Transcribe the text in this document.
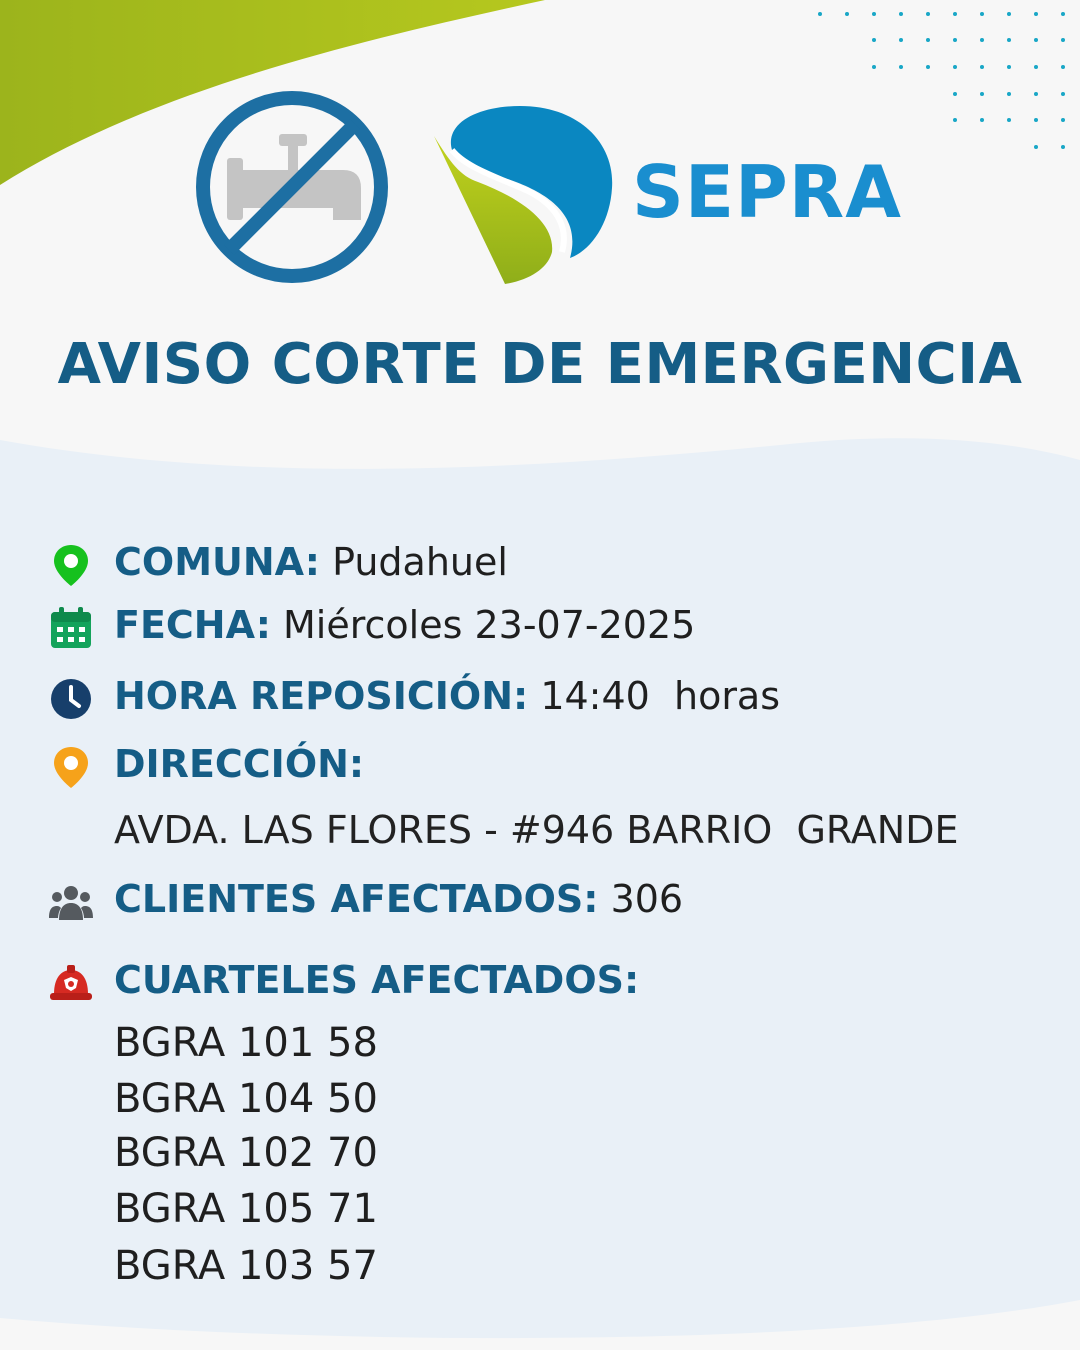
SEPRA
AVISO CORTE DE EMERGENCIA
COMUNA: Pudahuel
FECHA: Miércoles 23-07-2025
HORA REPOSICIÓN: 14:40  horas
DIRECCIÓN:
AVDA. LAS FLORES - #946 BARRIO  GRANDE
CLIENTES AFECTADOS: 306
CUARTELES AFECTADOS:
BGRA 101 58
BGRA 104 50
BGRA 102 70
BGRA 105 71
BGRA 103 57
